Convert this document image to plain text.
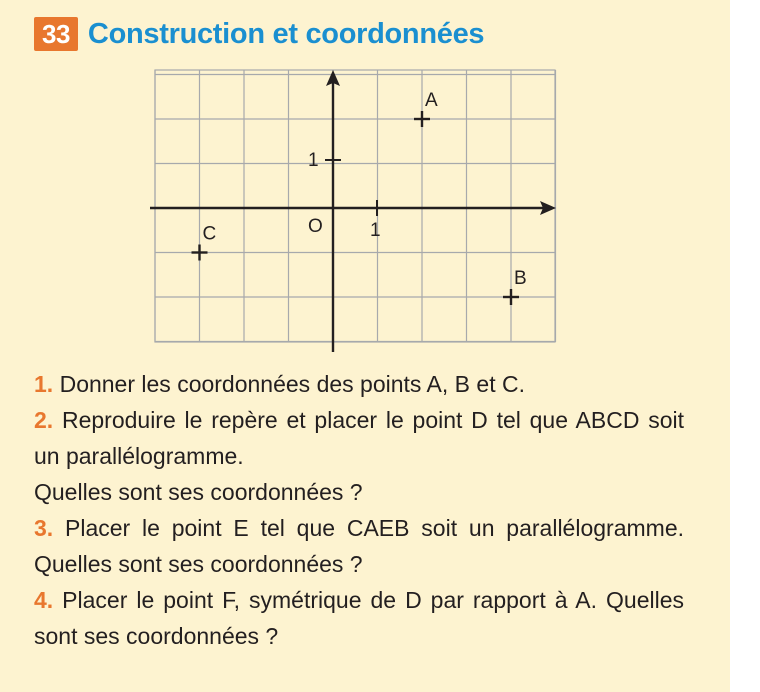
33 Construction et coordonnées
O 1
1
A
B
C
1. Donner les coordonnées des points A, B et C.
2. Reproduire le repère et placer le point D tel que ABCD soit un parallélogramme.
Quelles sont ses coordonnées ?
3. Placer le point E tel que CAEB soit un parallélogramme. Quelles sont ses coordonnées ?
4. Placer le point F, symétrique de D par rapport à A. Quelles sont ses coordonnées ?
